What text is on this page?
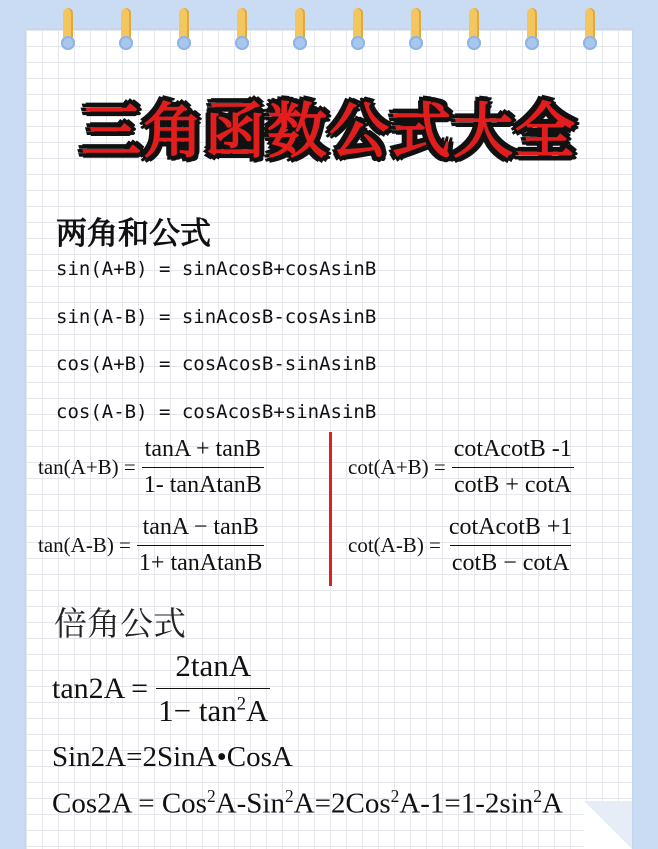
三角函数公式大全
两角和公式
sin(A+B) = sinAcosB+cosAsinB
sin(A-B) = sinAcosB-cosAsinB
cos(A+B) = cosAcosB-sinAsinB
cos(A-B) = cosAcosB+sinAsinB
$\tan(A+B) = \frac{\tan A + \tan B}{\text{1- tanAtanB}}$
$\tan(A-B) = \frac{\tan A - \tan B}{\text{1+ tanAtanB}}$
$\cot(A+B) = \frac{\text{cotAcotB -1}}{\cot B + \cot A}$
$\cot(A-B) = \frac{\text{cotAcotB +1}}{\cot B - \cot A}$
倍角公式
$\tan 2A = \frac{2\tan A}{1- \tan^2A}$
Sin2A=2SinA•CosA
$Cos2A = Cos^2A-Sin^2A=2Cos^2A-1=1-2\sin^2A$
